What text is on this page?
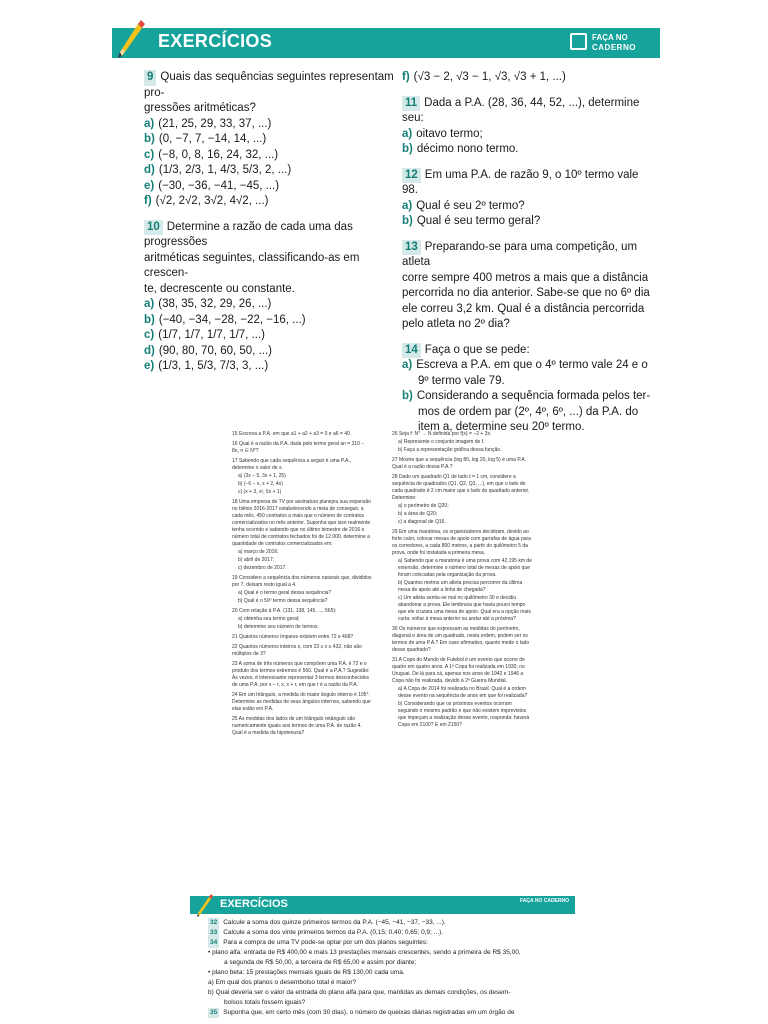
EXERCÍCIOS	FAÇA NO
CADERNO

9 Quais das sequências seguintes representam pro-

gressões aritméticas?

a) (21, 25, 29, 33, 37, ...)

b) (0, −7, 7, −14, 14, ...)

c) (−8, 0, 8, 16, 24, 32, ...)

d) (1/3, 2/3, 1, 4/3, 5/3, 2, ...)

e) (−30, −36, −41, −45, ...)

f) (√2, 2√2, 3√2, 4√2, ...)

10 Determine a razão de cada uma das progressões

aritméticas seguintes, classificando-as em crescen-

te, decrescente ou constante.

a) (38, 35, 32, 29, 26, ...)

b) (−40, −34, −28, −22, −16, ...)

c) (1/7, 1/7, 1/7, 1/7, ...)

d) (90, 80, 70, 60, 50, ...)

e) (1/3, 1, 5/3, 7/3, 3, ...)

f) (√3 − 2, √3 − 1, √3, √3 + 1, ...)

11 Dada a P.A. (28, 36, 44, 52, ...), determine seu:

a) oitavo termo;

b) décimo nono termo.

12 Em uma P.A. de razão 9, o 10º termo vale 98.

a) Qual é seu 2º termo?

b) Qual é seu termo geral?

13 Preparando-se para uma competição, um atleta

corre sempre 400 metros a mais que a distância

percorrida no dia anterior. Sabe-se que no 6º dia

ele correu 3,2 km. Qual é a distância percorrida

pelo atleta no 2º dia?

14 Faça o que se pede:

a) Escreva a P.A. em que o 4º termo vale 24 e o

9º termo vale 79.

b) Considerando a sequência formada pelos ter-

mos de ordem par (2º, 4º, 6º, ...) da P.A. do

item a, determine seu 20º termo.

15 Escreva a P.A. em que a1 + a2 + a3 = 0 e a6 = 40.
16 Qual é a razão da P.A. dada pelo termo geral an = 310 − 8n, n ∈ N*?
17 Sabendo que cada sequência a seguir é uma P.A., determine o valor de x.
a) (3x − 5, 3x + 1, 25)
b) (−6 − x, x + 2, 4x)
c) (x + 3, x², 6x + 1)
18 Uma empresa de TV por assinatura planejou sua expansão no biênio 2016-2017 estabelecendo a meta de conseguir, a cada mês, 450 contratos a mais que o número de contratos comercializados no mês anterior. Suponha que isso realmente tenha ocorrido e sabendo que no último bimestre de 2016 o número total de contratos fechados foi de 12.000, determine a quantidade de contratos comercializados em:
a) março de 2016;
b) abril de 2017;
c) dezembro de 2017.
19 Considere a sequência dos números naturais que, divididos por 7, deixam resto igual a 4.
a) Qual é o termo geral dessa sequência?
b) Qual é o 50º termo dessa sequência?
20 Com relação à P.A. (131, 138, 145, ..., 565):
a) obtenha seu termo geral;
b) determine seu número de termos.
21 Quantos números ímpares existem entre 72 e 468?
22 Quantos números inteiros x, com 23 ≤ x ≤ 432, não são múltiplos de 3?
23 A soma de três números que compõem uma P.A. é 72 e o produto dos termos extremos é 560. Qual é a P.A.? Sugestão: Às vezes, é interessante representar 3 termos desconhecidos de uma P.A. por x − r, x, x + r, em que r é a razão da P.A.
24 Em um triângulo, a medida do maior ângulo interno é 105°. Determine as medidas de seus ângulos internos, sabendo que elas estão em P.A.
25 As medidas dos lados de um triângulo retângulo são numericamente iguais aos termos de uma P.A. de razão 4. Qual é a medida da hipotenusa?
26 Seja f: N* → N definida por f(x) = −2 + 3x.
a) Represente o conjunto imagem de f.
b) Faça a representação gráfica dessa função.
27 Mostre que a sequência (log 80, log 20, log 5) é uma P.A. Qual é a razão dessa P.A.?
28 Dado um quadrado Q1 de lado ℓ = 1 cm, considere a sequência de quadrados (Q1, Q2, Q3, ...), em que o lado de cada quadrado é 2 cm maior que o lado do quadrado anterior. Determine:
a) o perímetro de Q20;
b) a área de Q20;
c) a diagonal de Q16.
29 Em uma maratona, os organizadores decidiram, devido ao forte calor, colocar mesas de apoio com garrafas de água para os corredores, a cada 800 metros, a partir do quilômetro 5 da prova, onde foi instalada a primeira mesa.
a) Sabendo que a maratona é uma prova com 42,195 km de extensão, determine o número total de mesas de apoio que foram colocadas pela organização da prova.
b) Quantos metros um atleta precisa percorrer da última mesa de apoio até a linha de chegada?
c) Um atleta sentiu-se mal no quilômetro 30 e decidiu abandonar a prova. Ele lembrava que havia pouco tempo que ele cruzara uma mesa de apoio. Qual era a opção mais curta: voltar à mesa anterior ou andar até a próxima?
30 Os números que expressam as medidas do perímetro, diagonal e área de um quadrado, nesta ordem, podem ser os termos de uma P.A.? Em caso afirmativo, quanto mede o lado desse quadrado?
31 A Copa do Mundo de Futebol é um evento que ocorre de quatro em quatro anos. A 1ª Copa foi realizada em 1930, no Uruguai. De lá para cá, apenas nos anos de 1942 e 1946 a Copa não foi realizada, devido à 2ª Guerra Mundial.
a) A Copa de 2014 foi realizada no Brasil. Qual é a ordem desse evento na sequência de anos em que foi realizada?
b) Considerando que os próximos eventos ocorram seguindo o mesmo padrão e que não existem imprevistos que impeçam a realização desse evento, responda: haverá Copa em 2100? E em 2150?
EXERCÍCIOS	FAÇA NO CADERNO
32 Calcule a soma dos quinze primeiros termos da P.A. (−45, −41, −37, −33, ...).
33 Calcule a soma dos vinte primeiros termos da P.A. (0,15; 0,40; 0,65; 0,9; ...).
34 Para a compra de uma TV pode-se optar por um dos planos seguintes:
• plano alfa: entrada de R$ 400,00 e mais 13 prestações mensais crescentes, sendo a primeira de R$ 35,00,
a segunda de R$ 50,00, a terceira de R$ 65,00 e assim por diante;
• plano beta: 15 prestações mensais iguais de R$ 130,00 cada uma.
a) Em qual dos planos o desembolso total é maior?
b) Qual deveria ser o valor da entrada do plano alfa para que, mantidas as demais condições, os desem-
bolsos totais fossem iguais?
35 Suponha que, em certo mês (com 30 dias), o número de queixas diárias registradas em um órgão de
